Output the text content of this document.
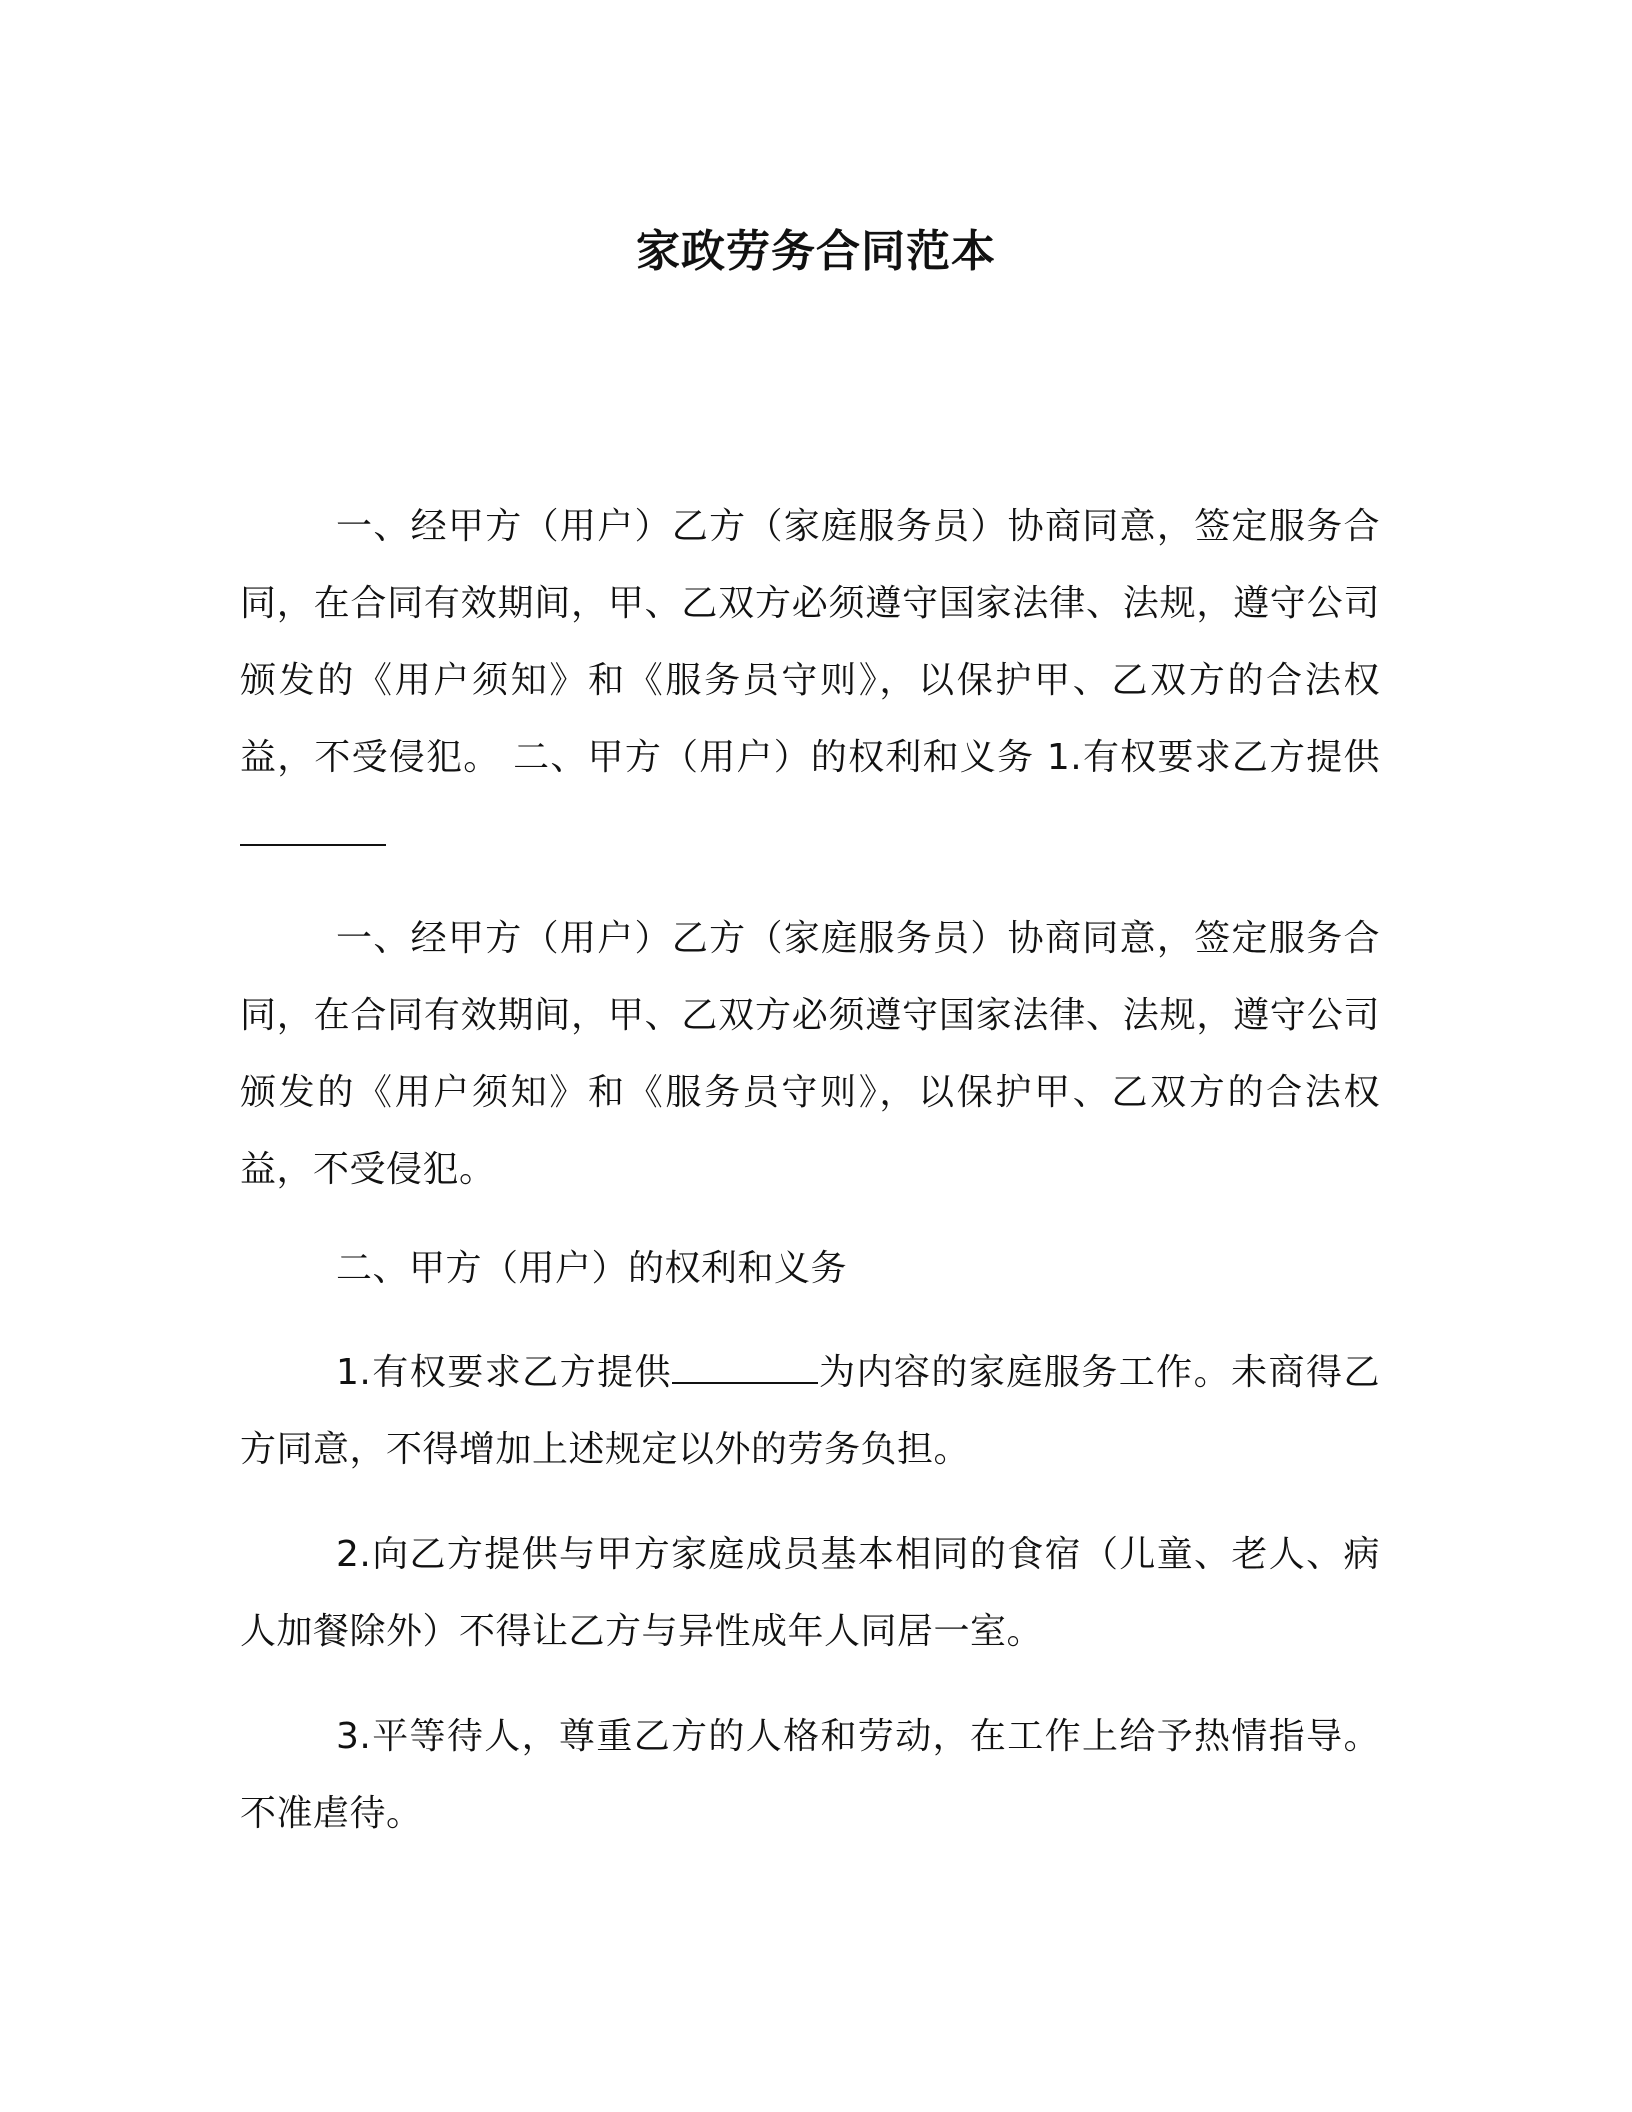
家政劳务合同范本

一、经甲方（用户）乙方（家庭服务员）协商同意，签定服务合同，在合同有效期间，甲、乙双方必须遵守国家法律、法规，遵守公司颁发的《用户须知》和《服务员守则》，以保护甲、乙双方的合法权益，不受侵犯。 二、甲方（用户）的权利和义务 1.有权要求乙方提供

一、经甲方（用户）乙方（家庭服务员）协商同意，签定服务合同，在合同有效期间，甲、乙双方必须遵守国家法律、法规，遵守公司颁发的《用户须知》和《服务员守则》，以保护甲、乙双方的合法权益，不受侵犯。

二、甲方（用户）的权利和义务

1.有权要求乙方提供	为内容的家庭服务工作。未商得乙方同意，不得增加上述规定以外的劳务负担。

2.向乙方提供与甲方家庭成员基本相同的食宿（儿童、老人、病人加餐除外）不得让乙方与异性成年人同居一室。

3.平等待人，尊重乙方的人格和劳动，在工作上给予热情指导。不准虐待。
